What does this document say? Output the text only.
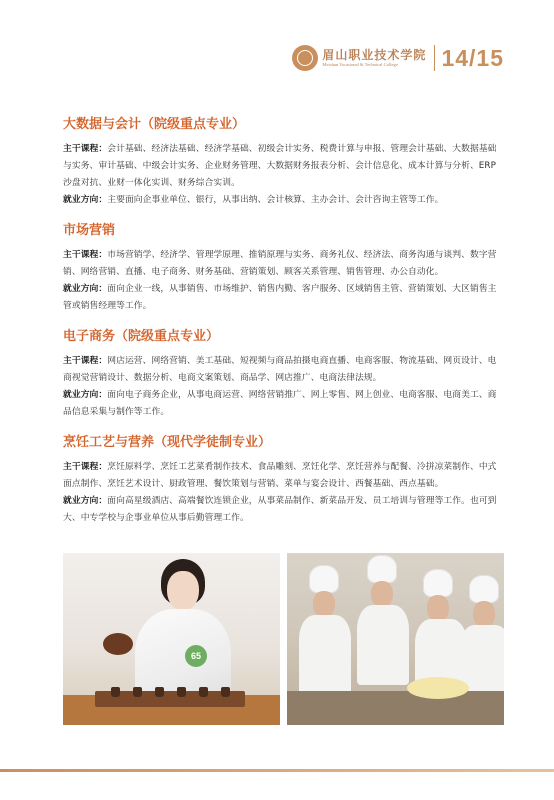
眉山职业技术学院
Meishan Vocational & Technical College	14/15
大数据与会计（院级重点专业）

主干课程：会计基础、经济法基础、经济学基础、初级会计实务、税费计算与申报、管理会计基础、大数据基础与实务、审计基础、中级会计实务、企业财务管理、大数据财务报表分析、会计信息化、成本计算与分析、ERP沙盘对抗、业财一体化实训、财务综合实训。

就业方向：主要面向企事业单位、银行，从事出纳、会计核算、主办会计、会计咨询主管等工作。

市场营销

主干课程：市场营销学、经济学、管理学原理、推销原理与实务、商务礼仪、经济法、商务沟通与谈判、数字营销、网络营销、直播、电子商务、财务基础、营销策划、顾客关系管理、销售管理、办公自动化。

就业方向：面向企业一线，从事销售、市场维护、销售内勤、客户服务、区域销售主管、营销策划、大区销售主管或销售经理等工作。

电子商务（院级重点专业）

主干课程：网店运营、网络营销、美工基础、短视频与商品拍摄电商直播、电商客服、物流基础、网页设计、电商视觉营销设计、数据分析、电商文案策划、商品学、网店推广、电商法律法规。

就业方向：面向电子商务企业，从事电商运营、网络营销推广、网上零售、网上创业、电商客服、电商美工、商品信息采集与制作等工作。

烹饪工艺与营养（现代学徒制专业）

主干课程：烹饪原料学、烹饪工艺菜肴制作技术、食品雕刻、烹饪化学、烹饪营养与配餐、冷拼凉菜制作、中式面点制作、烹饪艺术设计、厨政管理、餐饮策划与营销、菜单与宴会设计、西餐基础、西点基础。

就业方向：面向高星级酒店、高端餐饮连锁企业，从事菜品制作、新菜品开发、员工培训与管理等工作。也可到大、中专学校与企事业单位从事后勤管理工作。

65
